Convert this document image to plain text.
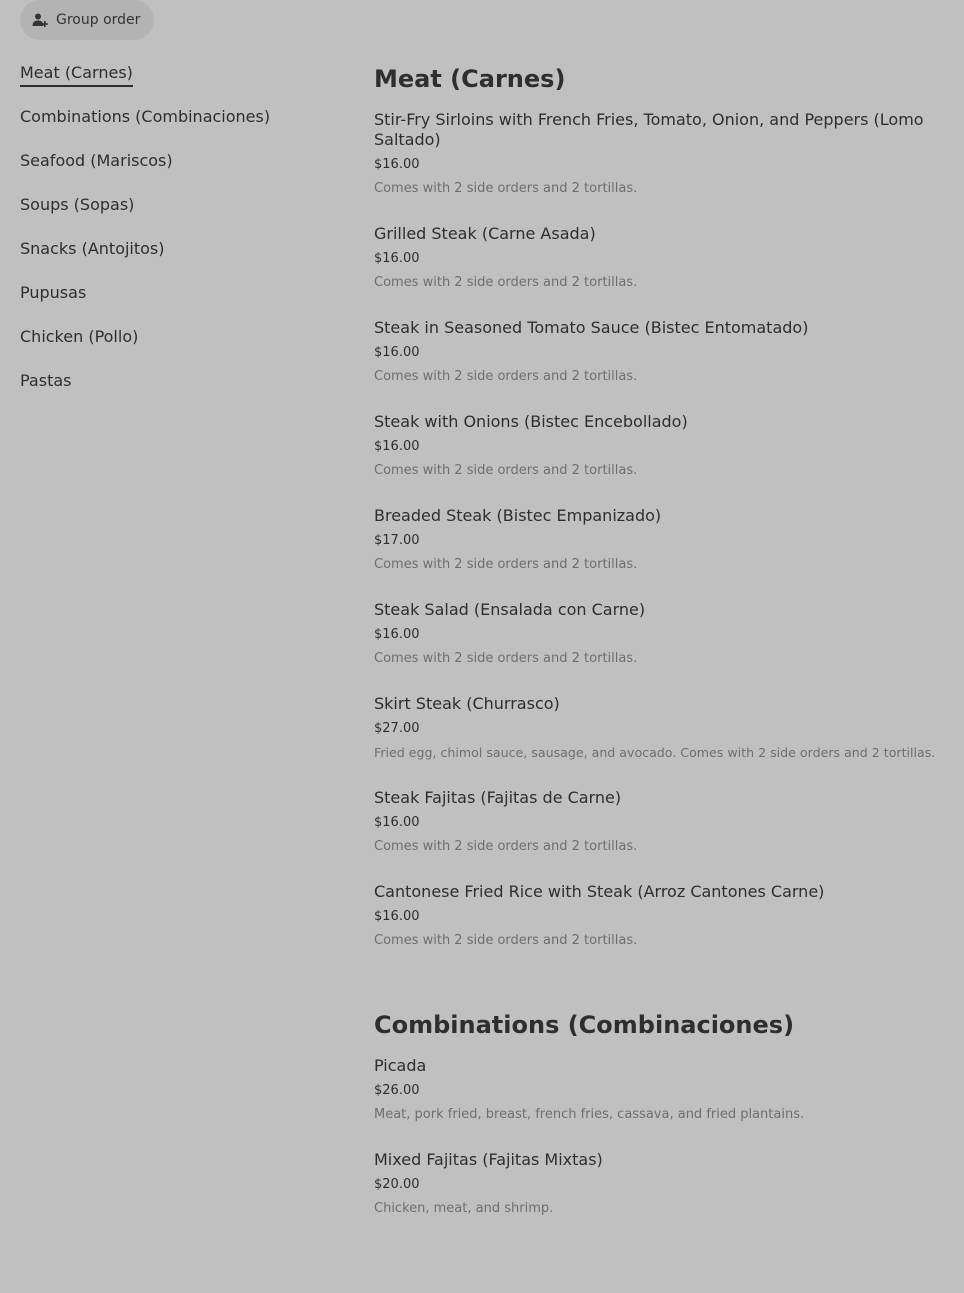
Group order
Meat (Carnes)
Combinations (Combinaciones)
Seafood (Mariscos)
Soups (Sopas)
Snacks (Antojitos)
Pupusas
Chicken (Pollo)
Pastas
Meat (Carnes)
Stir-Fry Sirloins with French Fries, Tomato, Onion, and Peppers (Lomo Saltado)
$16.00
Comes with 2 side orders and 2 tortillas.
Grilled Steak (Carne Asada)
$16.00
Comes with 2 side orders and 2 tortillas.
Steak in Seasoned Tomato Sauce (Bistec Entomatado)
$16.00
Comes with 2 side orders and 2 tortillas.
Steak with Onions (Bistec Encebollado)
$16.00
Comes with 2 side orders and 2 tortillas.
Breaded Steak (Bistec Empanizado)
$17.00
Comes with 2 side orders and 2 tortillas.
Steak Salad (Ensalada con Carne)
$16.00
Comes with 2 side orders and 2 tortillas.
Skirt Steak (Churrasco)
$27.00
Fried egg, chimol sauce, sausage, and avocado. Comes with 2 side orders and 2 tortillas.
Steak Fajitas (Fajitas de Carne)
$16.00
Comes with 2 side orders and 2 tortillas.
Cantonese Fried Rice with Steak (Arroz Cantones Carne)
$16.00
Comes with 2 side orders and 2 tortillas.
Combinations (Combinaciones)
Picada
$26.00
Meat, pork fried, breast, french fries, cassava, and fried plantains.
Mixed Fajitas (Fajitas Mixtas)
$20.00
Chicken, meat, and shrimp.
